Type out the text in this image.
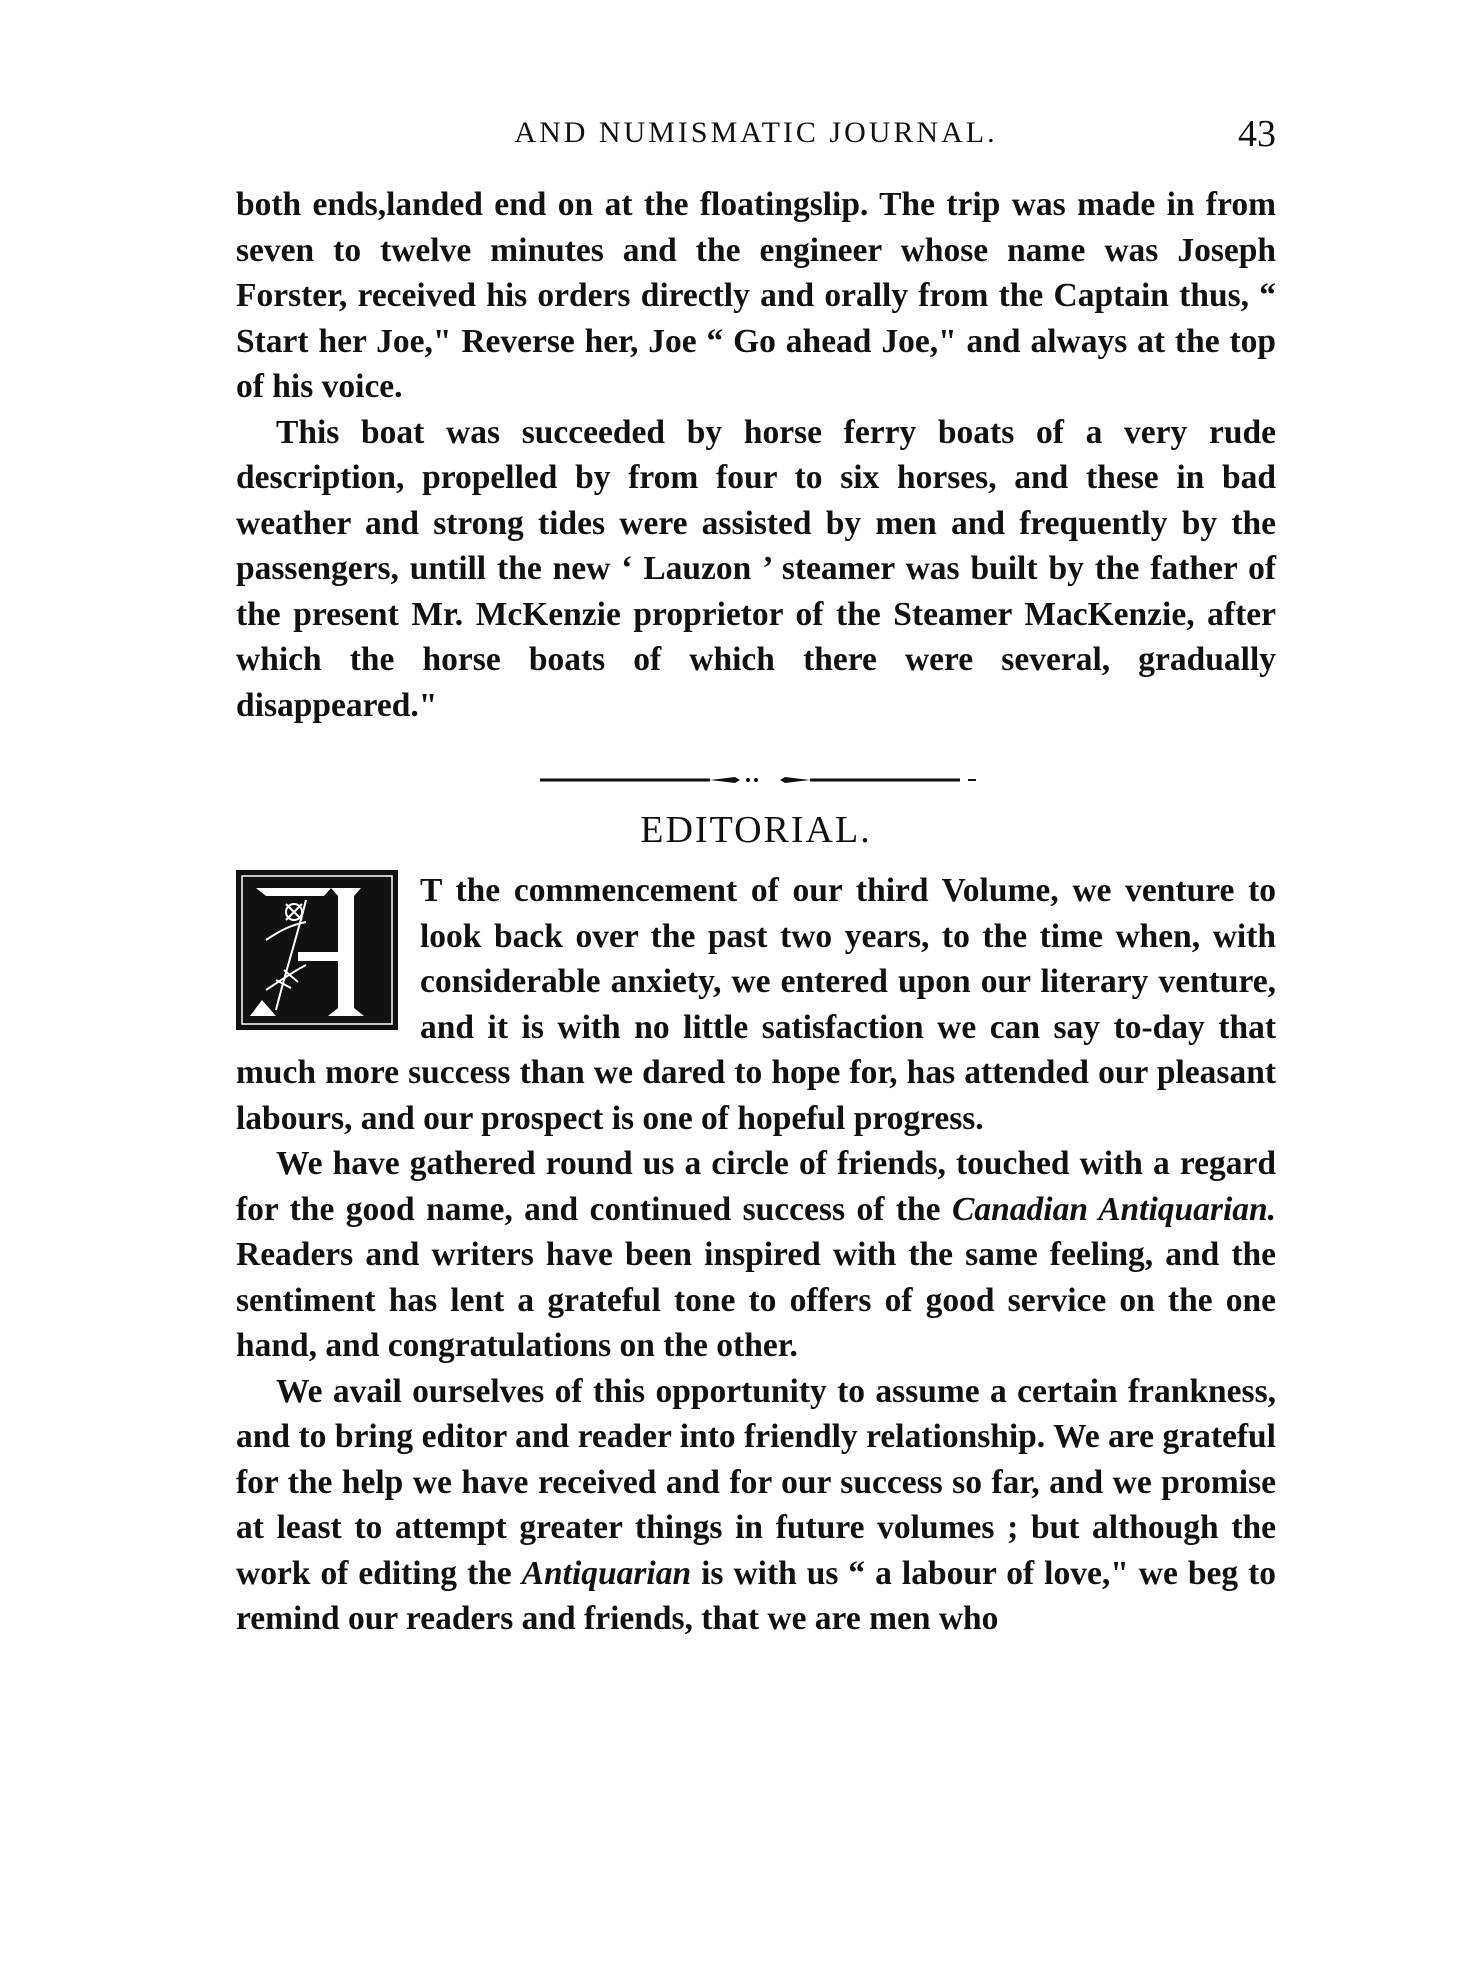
AND NUMISMATIC JOURNAL.	43

both ends,landed end on at the floatingslip. The trip was made in from seven to twelve minutes and the engineer whose name was Joseph Forster, received his orders directly and orally from the Captain thus, “ Start her Joe," Reverse her, Joe “ Go ahead Joe," and always at the top of his voice.

This boat was succeeded by horse ferry boats of a very rude description, propelled by from four to six horses, and these in bad weather and strong tides were assisted by men and frequently by the passengers, untill the new ‘ Lauzon ’ steamer was built by the father of the present Mr. McKenzie proprietor of the Steamer MacKenzie, after which the horse boats of which there were several, gradually disappeared."

EDITORIAL.

T the commencement of our third Volume, we venture to look back over the past two years, to the time when, with considerable anxiety, we entered upon our literary venture, and it is with no little satisfaction we can say to-day that much more success than we dared to hope for, has attended our pleasant labours, and our prospect is one of hopeful progress.

We have gathered round us a circle of friends, touched with a regard for the good name, and continued success of the Canadian Antiquarian. Readers and writers have been inspired with the same feeling, and the sentiment has lent a grateful tone to offers of good service on the one hand, and congratulations on the other.

We avail ourselves of this opportunity to assume a certain frankness, and to bring editor and reader into friendly relationship. We are grateful for the help we have received and for our success so far, and we promise at least to attempt greater things in future volumes ; but although the work of editing the Antiquarian is with us “ a labour of love," we beg to remind our readers and friends, that we are men who
